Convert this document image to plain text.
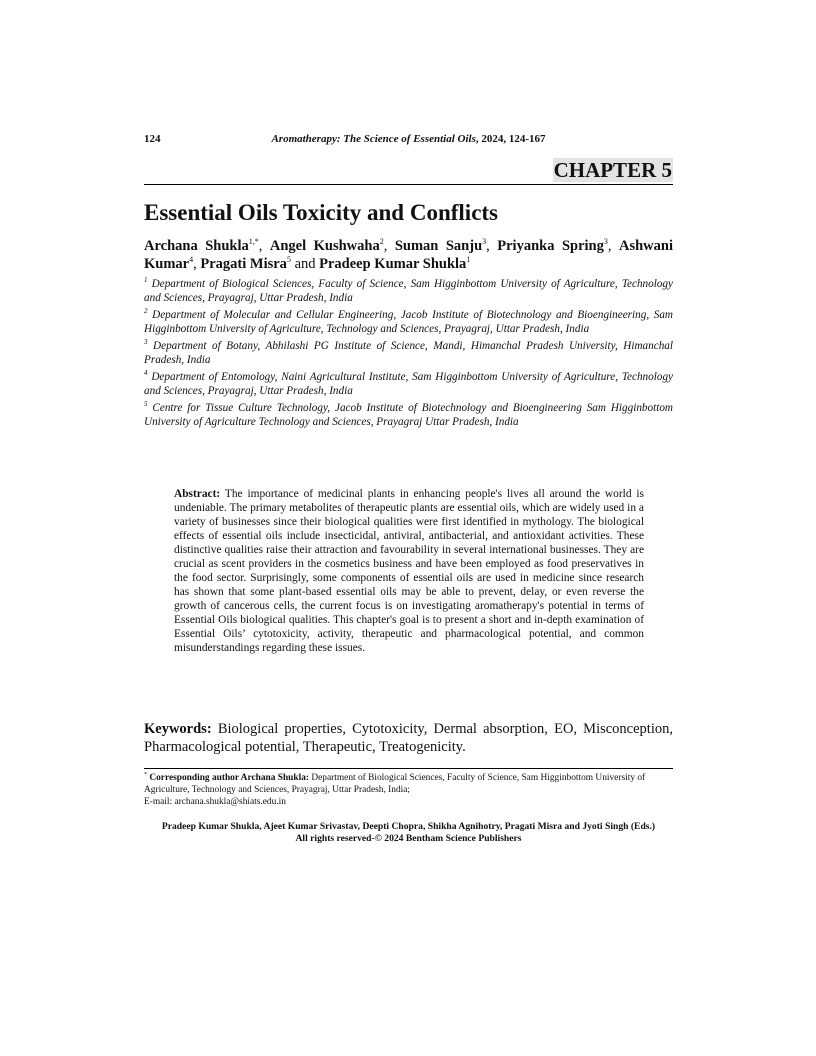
124	Aromatherapy: The Science of Essential Oils, 2024, 124-167
CHAPTER 5
Essential Oils Toxicity and Conflicts

Archana Shukla$^{1,*}$, Angel Kushwaha$^2$, Suman Sanju$^3$, Priyanka Spring$^3$, Ashwani Kumar$^4$, Pragati Misra$^5$ and Pradeep Kumar Shukla$^1$

$^1$ Department of Biological Sciences, Faculty of Science, Sam Higginbottom University of Agriculture, Technology and Sciences, Prayagraj, Uttar Pradesh, India

$^2$ Department of Molecular and Cellular Engineering, Jacob Institute of Biotechnology and Bioengineering, Sam Higginbottom University of Agriculture, Technology and Sciences, Prayagraj, Uttar Pradesh, India

$^3$ Department of Botany, Abhilashi PG Institute of Science, Mandi, Himanchal Pradesh University, Himanchal Pradesh, India

$^4$ Department of Entomology, Naini Agricultural Institute, Sam Higginbottom University of Agriculture, Technology and Sciences, Prayagraj, Uttar Pradesh, India

$^5$ Centre for Tissue Culture Technology, Jacob Institute of Biotechnology and Bioengineering Sam Higginbottom University of Agriculture Technology and Sciences, Prayagraj Uttar Pradesh, India

Abstract: The importance of medicinal plants in enhancing people's lives all around the world is undeniable. The primary metabolites of therapeutic plants are essential oils, which are widely used in a variety of businesses since their biological qualities were first identified in mythology. The biological effects of essential oils include insecticidal, antiviral, antibacterial, and antioxidant activities. These distinctive qualities raise their attraction and favourability in several international businesses. They are crucial as scent providers in the cosmetics business and have been employed as food preservatives in the food sector. Surprisingly, some components of essential oils are used in medicine since research has shown that some plant-based essential oils may be able to prevent, delay, or even reverse the growth of cancerous cells, the current focus is on investigating aromatherapy's potential in terms of Essential Oils biological qualities. This chapter's goal is to present a short and in-depth examination of Essential Oils’ cytotoxicity, activity, therapeutic and pharmacological potential, and common misunderstandings regarding these issues.

Keywords: Biological properties, Cytotoxicity, Dermal absorption, EO, Misconception, Pharmacological potential, Therapeutic, Treatogenicity.

* Corresponding author Archana Shukla: Department of Biological Sciences, Faculty of Science, Sam Higginbottom University of Agriculture, Technology and Sciences, Prayagraj, Uttar Pradesh, India;
E-mail: archana.shukla@shiats.edu.in

Pradeep Kumar Shukla, Ajeet Kumar Srivastav, Deepti Chopra, Shikha Agnihotry, Pragati Misra and Jyoti Singh (Eds.)
All rights reserved-© 2024 Bentham Science Publishers
